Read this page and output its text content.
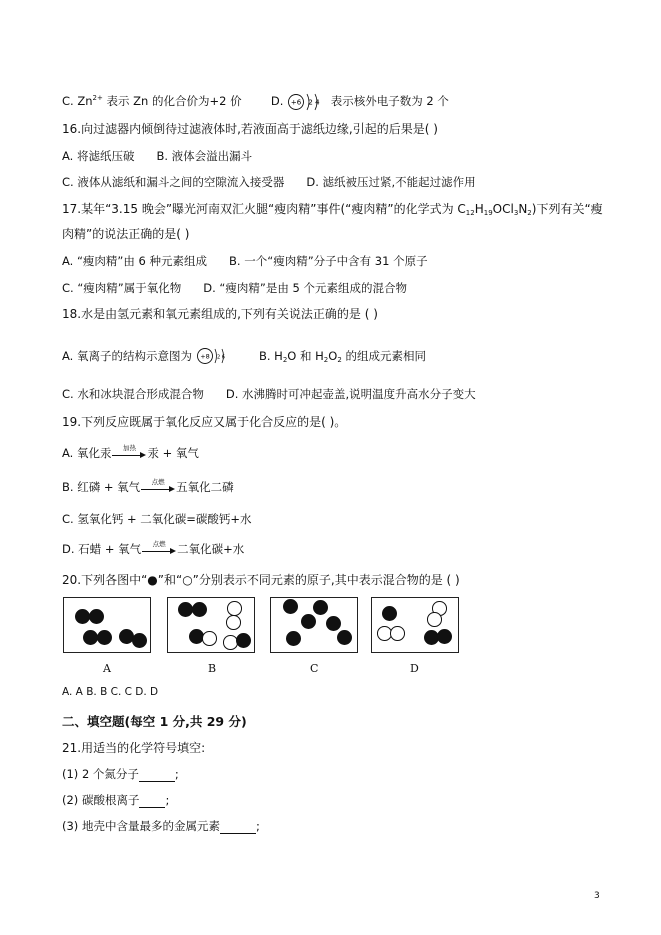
C. $Zn^{2+}$ 表示 Zn 的化合价为+2 价	D. +6 2 4 表示核外电子数为 2 个
16.向过滤器内倾倒待过滤液体时,若液面高于滤纸边缘,引起的后果是( )
A. 将滤纸压破 B. 液体会溢出漏斗
C. 液体从滤纸和漏斗之间的空隙流入接受器 D. 滤纸被压过紧,不能起过滤作用
17.某年“3.15 晚会”曝光河南双汇火腿“瘦肉精”事件(“瘦肉精”的化学式为 $C_{12}H_{19}OCl_3N_2$)下列有关“瘦
肉精”的说法正确的是( )
A. “瘦肉精”由 6 种元素组成 B. 一个“瘦肉精”分子中含有 31 个原子
C. “瘦肉精”属于氧化物 D. “瘦肉精”是由 5 个元素组成的混合物
18.水是由氢元素和氧元素组成的,下列有关说法正确的是 ( )
A. 氧离子的结构示意图为 +8 2 6	B. $H_2O$ 和 $H_2O_2$ 的组成元素相同
C. 水和冰块混合形成混合物 D. 水沸腾时可冲起壶盖,说明温度升高水分子变大
19.下列反应既属于氧化反应又属于化合反应的是( )。
A. 氧化汞	加热	汞 + 氧气
B. 红磷 + 氧气	点燃	五氧化二磷
C. 氢氧化钙 + 二氧化碳=碳酸钙+水
D. 石蜡 + 氧气	点燃	二氧化碳+水
20.下列各图中“●”和“○”分别表示不同元素的原子,其中表示混合物的是 ( )
A	B	C	D
A. A B. B C. C D. D
二、填空题(每空 1 分,共 29 分)
21.用适当的化学符号填空:
(1) 2 个氮分子	;
(2) 碳酸根离子 ;
(3) 地壳中含量最多的金属元素	;
3
